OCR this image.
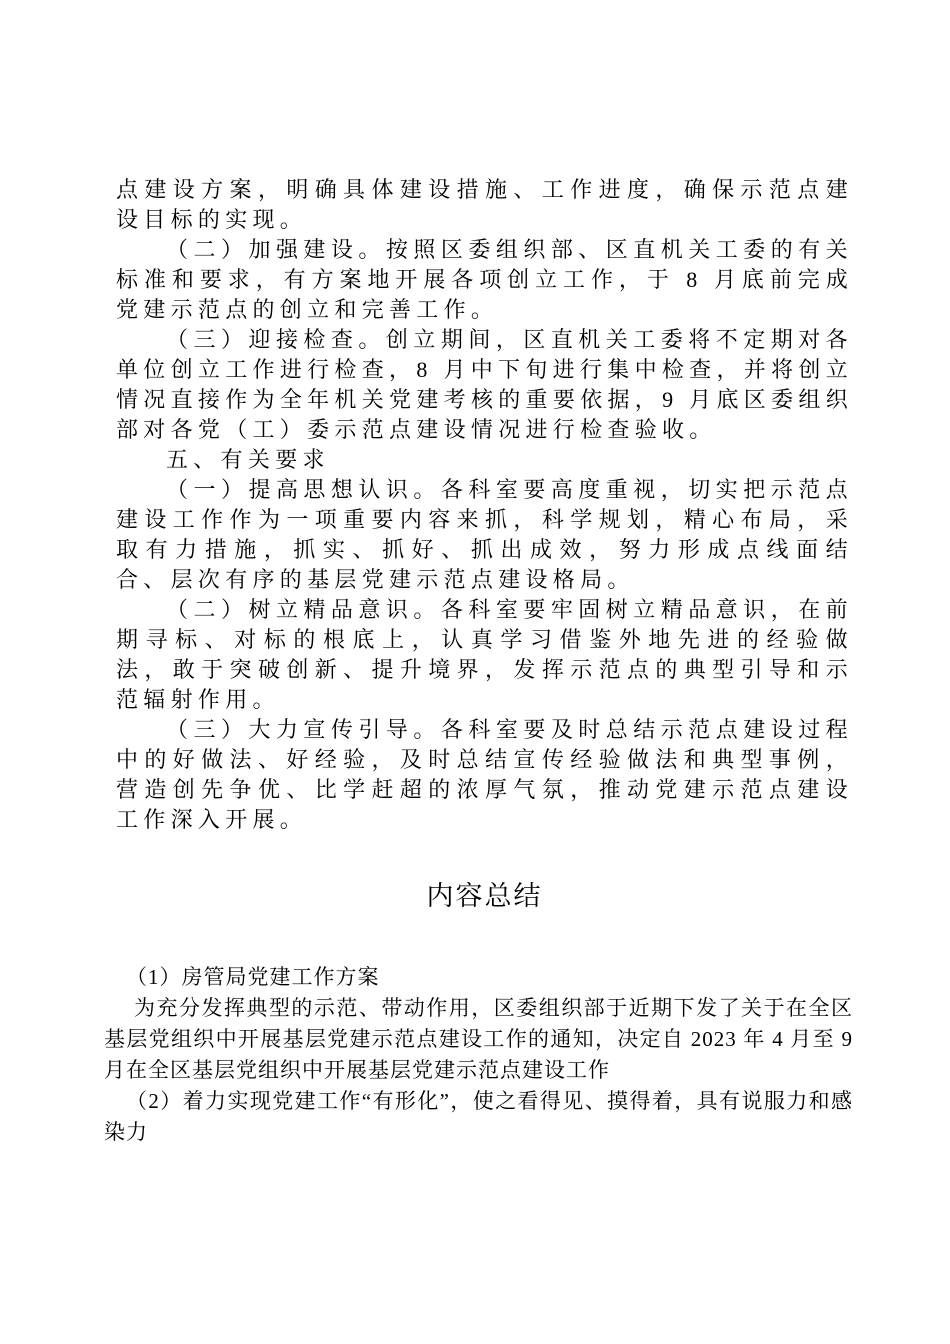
点建设方案，明确具体建设措施、工作进度，确保示范点建设目标的实现。

（二）加强建设。按照区委组织部、区直机关工委的有关标准和要求，有方案地开展各项创立工作，于 8 月底前完成党建示范点的创立和完善工作。

（三）迎接检查。创立期间，区直机关工委将不定期对各单位创立工作进行检查，8 月中下旬进行集中检查，并将创立情况直接作为全年机关党建考核的重要依据，9 月底区委组织部对各党（工）委示范点建设情况进行检查验收。

五、有关要求

（一）提高思想认识。各科室要高度重视，切实把示范点建设工作作为一项重要内容来抓，科学规划，精心布局，采取有力措施，抓实、抓好、抓出成效，努力形成点线面结合、层次有序的基层党建示范点建设格局。

（二）树立精品意识。各科室要牢固树立精品意识，在前期寻标、对标的根底上，认真学习借鉴外地先进的经验做法，敢于突破创新、提升境界，发挥示范点的典型引导和示范辐射作用。

（三）大力宣传引导。各科室要及时总结示范点建设过程中的好做法、好经验，及时总结宣传经验做法和典型事例，营造创先争优、比学赶超的浓厚气氛，推动党建示范点建设工作深入开展。

内容总结

（1）房管局党建工作方案

为充分发挥典型的示范、带动作用，区委组织部于近期下发了关于在全区基层党组织中开展基层党建示范点建设工作的通知，决定自 2023 年 4 月至 9 月在全区基层党组织中开展基层党建示范点建设工作

（2）着力实现党建工作“有形化”，使之看得见、摸得着，具有说服力和感染力
